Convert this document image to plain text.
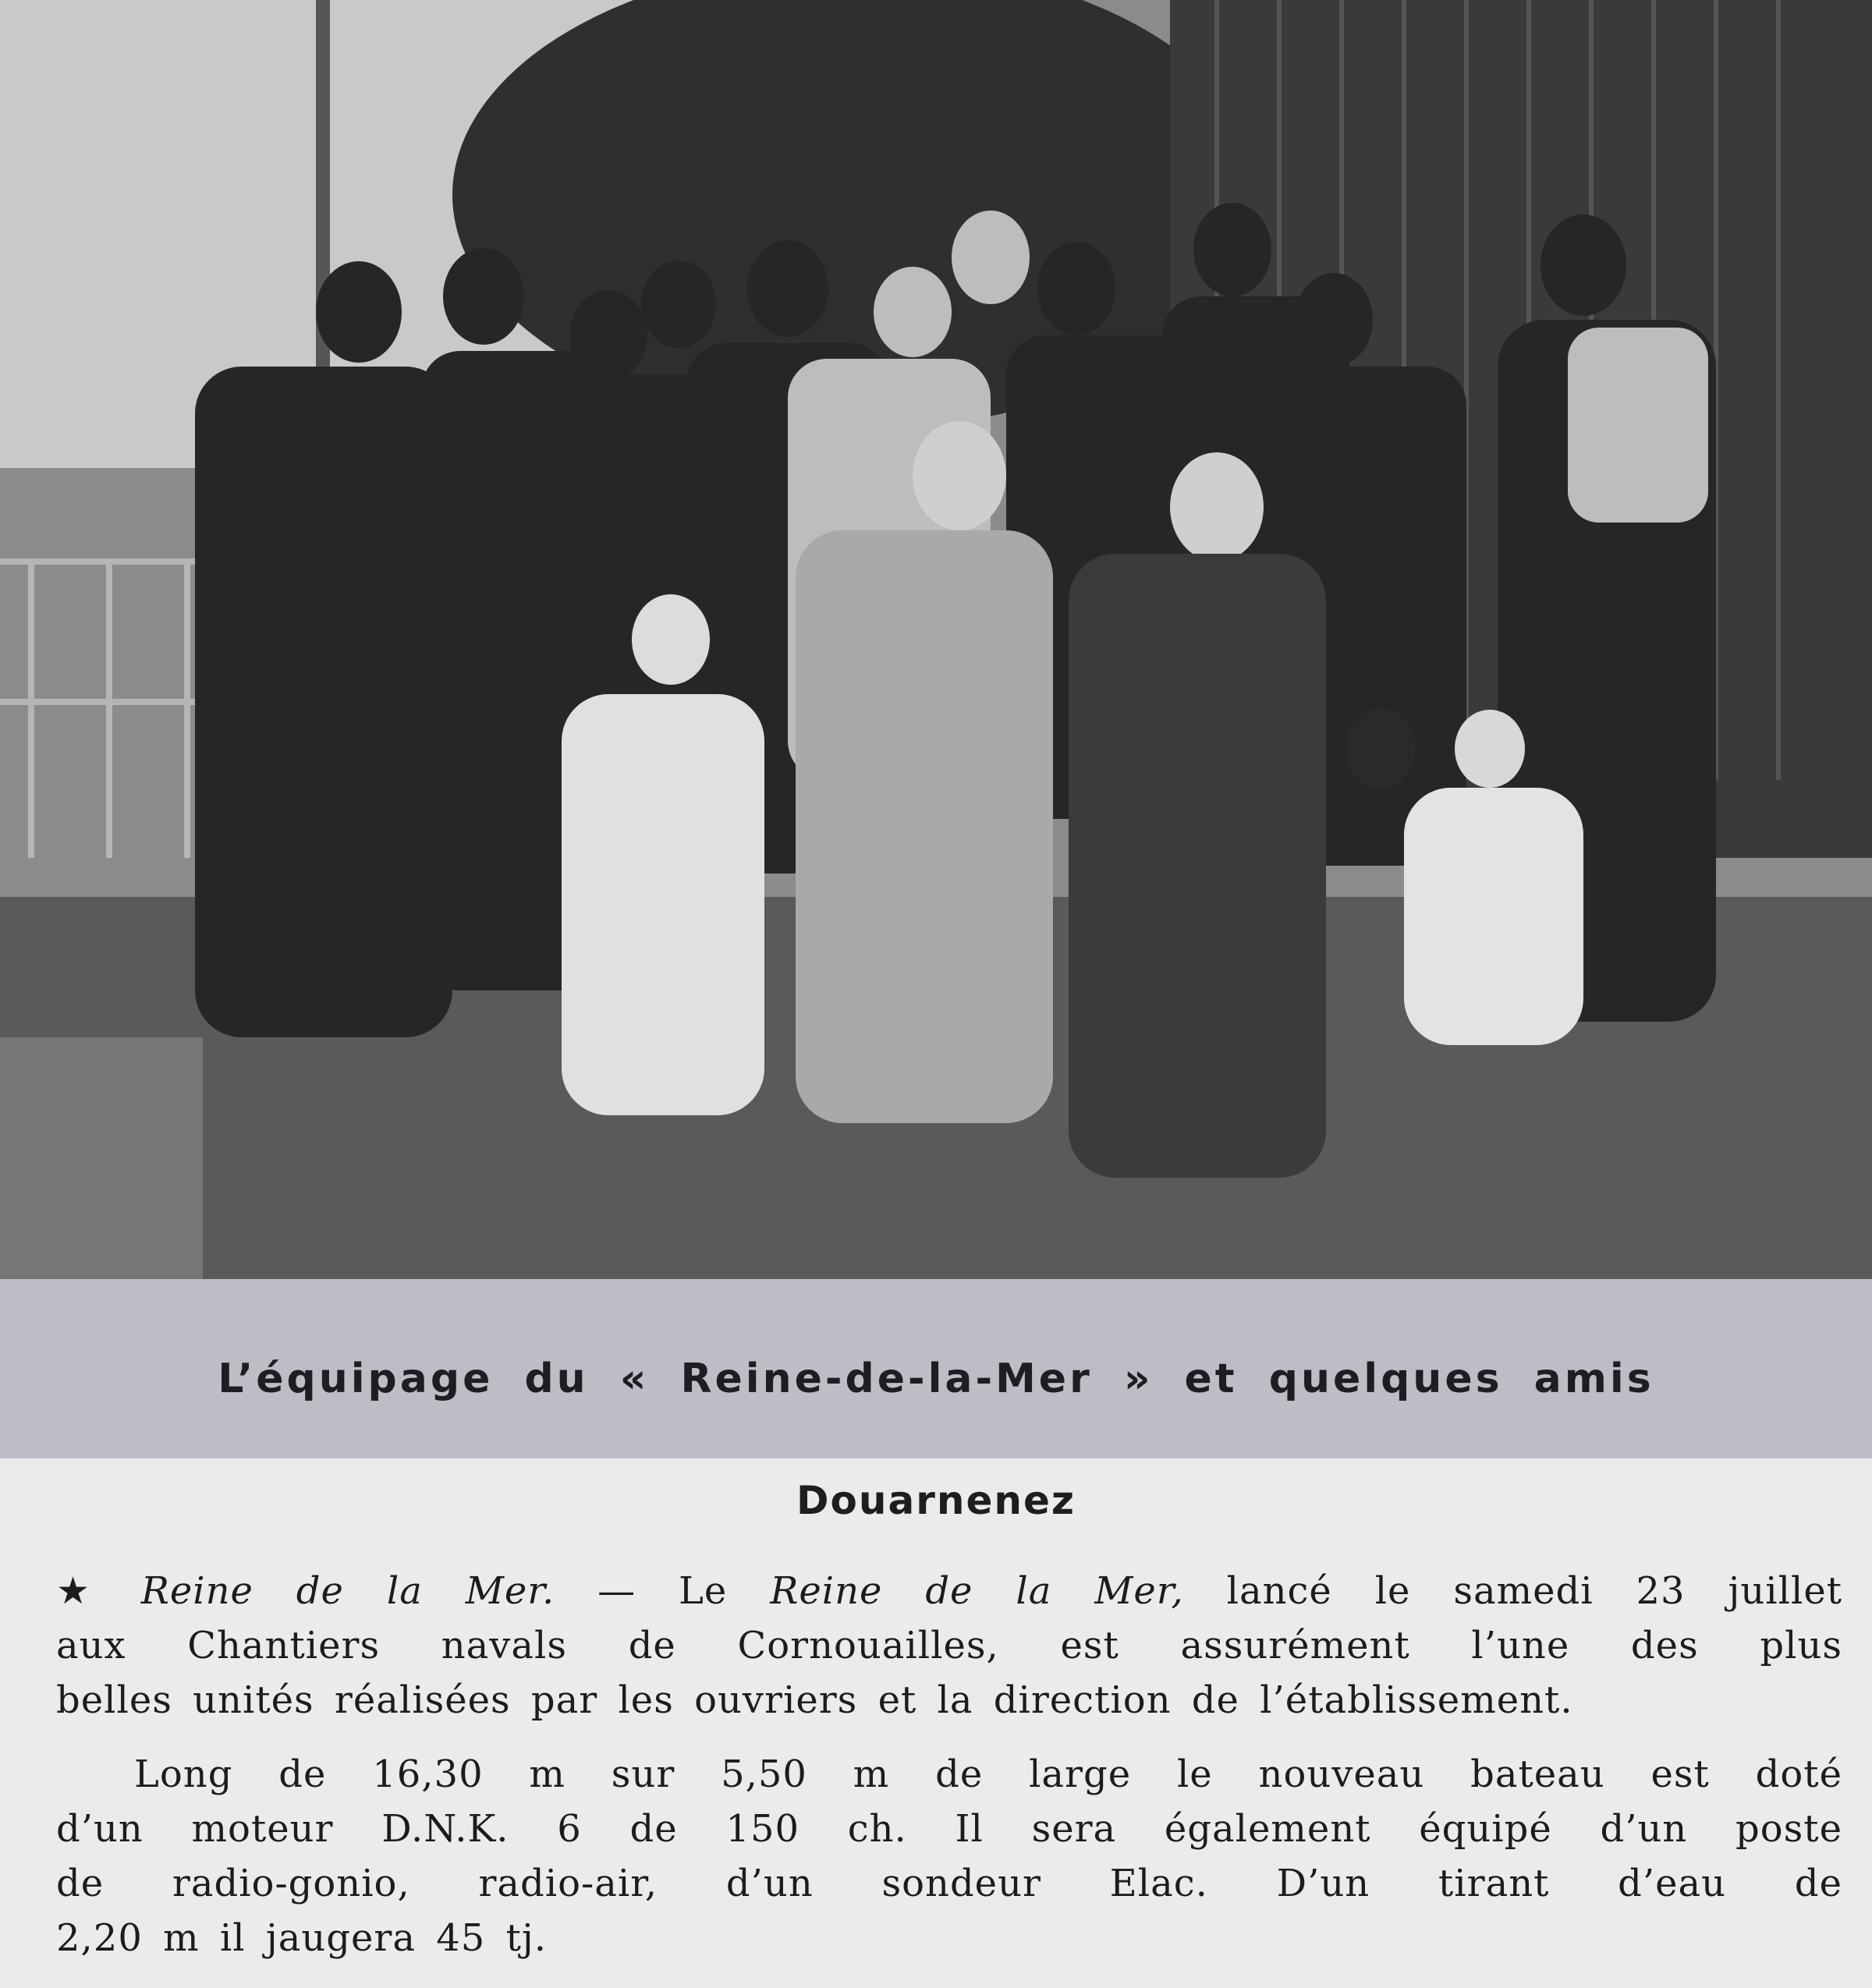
L’équipage du « Reine-de-la-Mer » et quelques amis
Douarnenez
★ Reine de la Mer. — Le Reine de la Mer, lancé le samedi 23 juillet
aux Chantiers navals de Cornouailles, est assurément l’une des plus
belles unités réalisées par les ouvriers et la direction de l’établissement.
Long de 16,30 m sur 5,50 m de large le nouveau bateau est doté
d’un moteur D.N.K. 6 de 150 ch. Il sera également équipé d’un poste
de radio-gonio, radio-air, d’un sondeur Elac. D’un tirant d’eau de
2,20 m il jaugera 45 tj.
